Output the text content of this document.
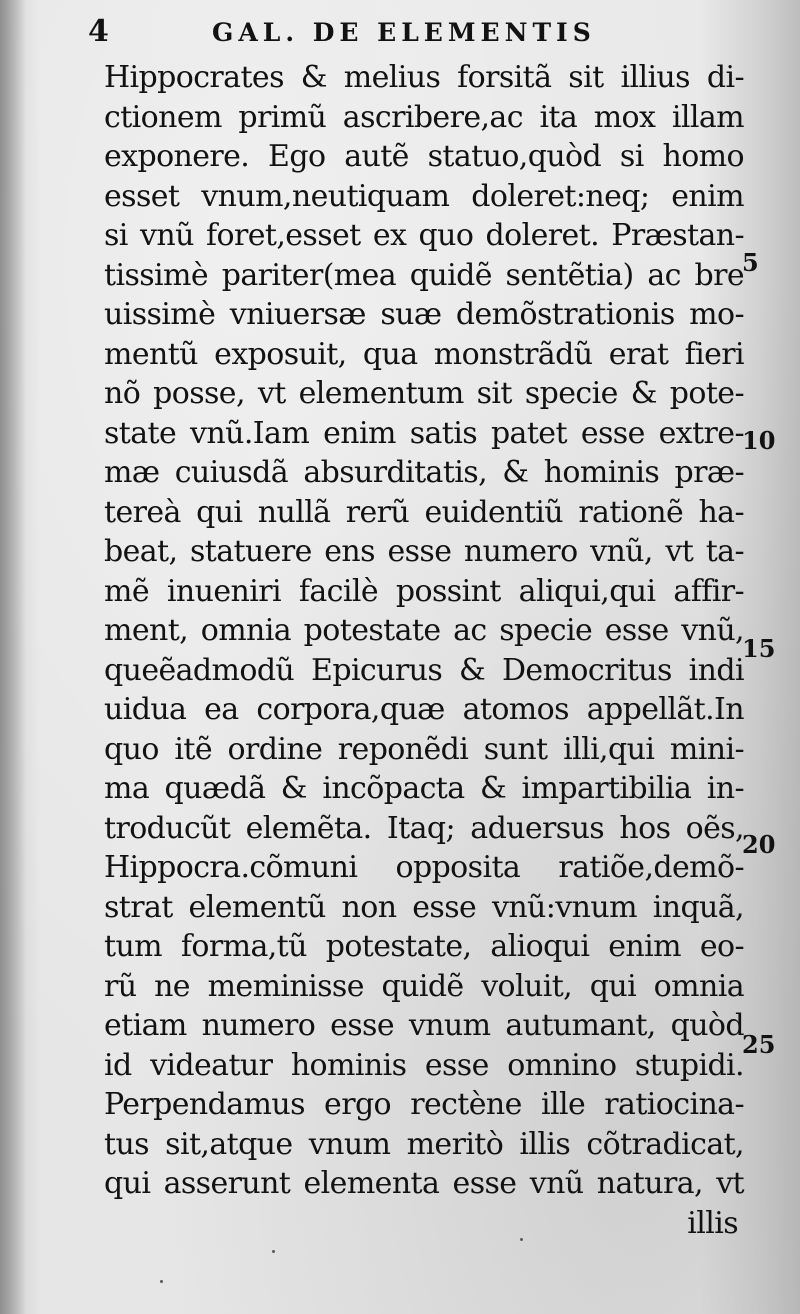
4	GAL. DE ELEMENTIS
Hippocrates & melius forsitã sit illius di-
ctionem primũ ascribere,ac ita mox illam
exponere. Ego autẽ statuo,quòd si homo
esset vnum,neutiquam doleret:neq; enim
si vnũ foret,esset ex quo doleret. Præstan-
tissimè pariter(mea quidẽ sentẽtia) ac bre
uissimè vniuersæ suæ demõstrationis mo-
mentũ exposuit, qua monstrãdũ erat fieri
nõ posse, vt elementum sit specie & pote-
state vnũ.Iam enim satis patet esse extre-
mæ cuiusdã absurditatis, & hominis præ-
tereà qui nullã rerũ euidentiũ rationẽ ha-
beat, statuere ens esse numero vnũ, vt ta-
mẽ inueniri facilè possint aliqui,qui affir-
ment, omnia potestate ac specie esse vnũ,
queẽadmodũ Epicurus & Democritus indi
uidua ea corpora,quæ atomos appellãt.In
quo itẽ ordine reponẽdi sunt illi,qui mini-
ma quædã & incõpacta & impartibilia in-
troducũt elemẽta. Itaq; aduersus hos oẽs,
Hippocra.cõmuni opposita ratiõe,demõ-
strat elementũ non esse vnũ:vnum inquã,
tum forma,tũ potestate, alioqui enim eo-
rũ ne meminisse quidẽ voluit, qui omnia
etiam numero esse vnum autumant, quòd
id videatur hominis esse omnino stupidi.
Perpendamus ergo rectène ille ratiocina-
tus sit,atque vnum meritò illis cõtradicat,
qui asserunt elementa esse vnũ natura, vt
illis
5
10
15
20
25
